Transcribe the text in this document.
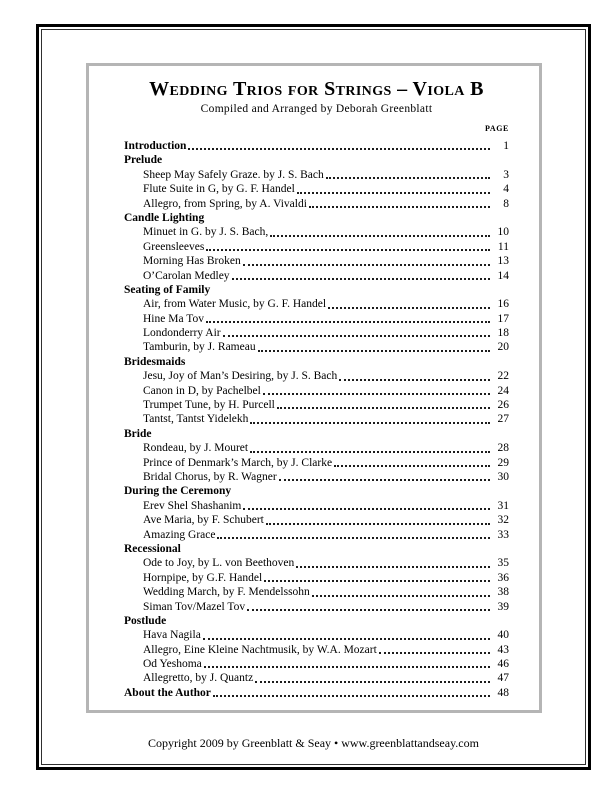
Wedding Trios for Strings – Viola B
Compiled and Arranged by Deborah Greenblatt
PAGE
Introduction	1
Prelude
Sheep May Safely Graze. by J. S. Bach	3
Flute Suite in G, by G. F. Handel	4
Allegro, from Spring, by A. Vivaldi	8
Candle Lighting
Minuet in G. by J. S. Bach,	10
Greensleeves	11
Morning Has Broken	13
O’Carolan Medley	14
Seating of Family
Air, from Water Music, by G. F. Handel	16
Hine Ma Tov	17
Londonderry Air	18
Tamburin, by J. Rameau	20
Bridesmaids
Jesu, Joy of Man’s Desiring, by J. S. Bach	22
Canon in D, by Pachelbel	24
Trumpet Tune, by H. Purcell	26
Tantst, Tantst Yidelekh	27
Bride
Rondeau, by J. Mouret	28
Prince of Denmark’s March, by J. Clarke	29
Bridal Chorus, by R. Wagner	30
During the Ceremony
Erev Shel Shashanim	31
Ave Maria, by F. Schubert	32
Amazing Grace	33
Recessional
Ode to Joy, by L. von Beethoven	35
Hornpipe, by G.F. Handel	36
Wedding March, by F. Mendelssohn	38
Siman Tov/Mazel Tov	39
Postlude
Hava Nagila	40
Allegro, Eine Kleine Nachtmusik, by W.A. Mozart	43
Od Yeshoma	46
Allegretto, by J. Quantz	47
About the Author	48
Copyright 2009 by Greenblatt & Seay • www.greenblattandseay.com
